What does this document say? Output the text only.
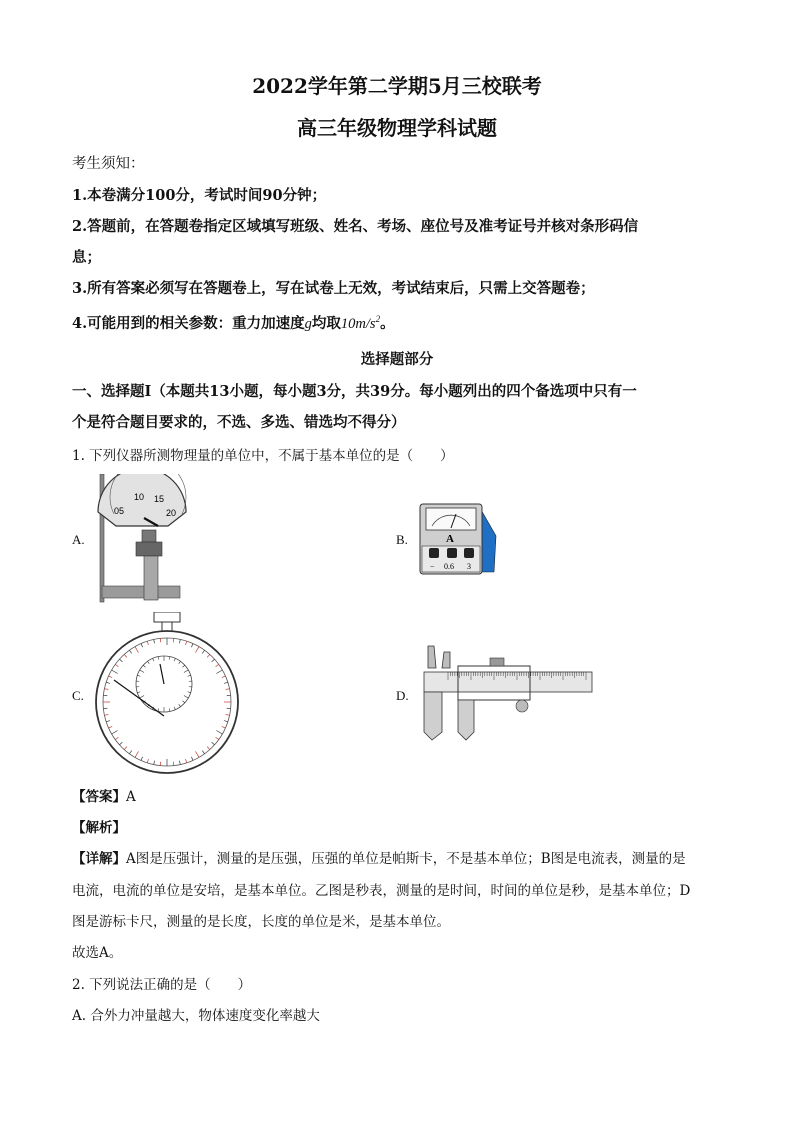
2022学年第二学期5月三校联考
高三年级物理学科试题
考生须知：
1.本卷满分100分，考试时间90分钟；
2.答题前，在答题卷指定区域填写班级、姓名、考场、座位号及准考证号并核对条形码信
息；
3.所有答案必须写在答题卷上，写在试卷上无效，考试结束后，只需上交答题卷；
4.可能用到的相关参数：重力加速度g均取$10m/s^2$。
选择题部分
一、选择题Ⅰ（本题共13小题，每小题3分，共39分。每小题列出的四个备选项中只有一
个是符合题目要求的，不选、多选、错选均不得分）
1. 下列仪器所测物理量的单位中，不属于基本单位的是（　　）
A.
05
10 15
20
B.	A
− 0.6 3
C.	D.
【答案】A
【解析】
【详解】A图是压强计，测量的是压强，压强的单位是帕斯卡，不是基本单位；B图是电流表，测量的是
电流，电流的单位是安培，是基本单位。乙图是秒表，测量的是时间，时间的单位是秒，是基本单位；D
图是游标卡尺，测量的是长度，长度的单位是米，是基本单位。
故选A。
2. 下列说法正确的是（　　）
A. 合外力冲量越大，物体速度变化率越大
